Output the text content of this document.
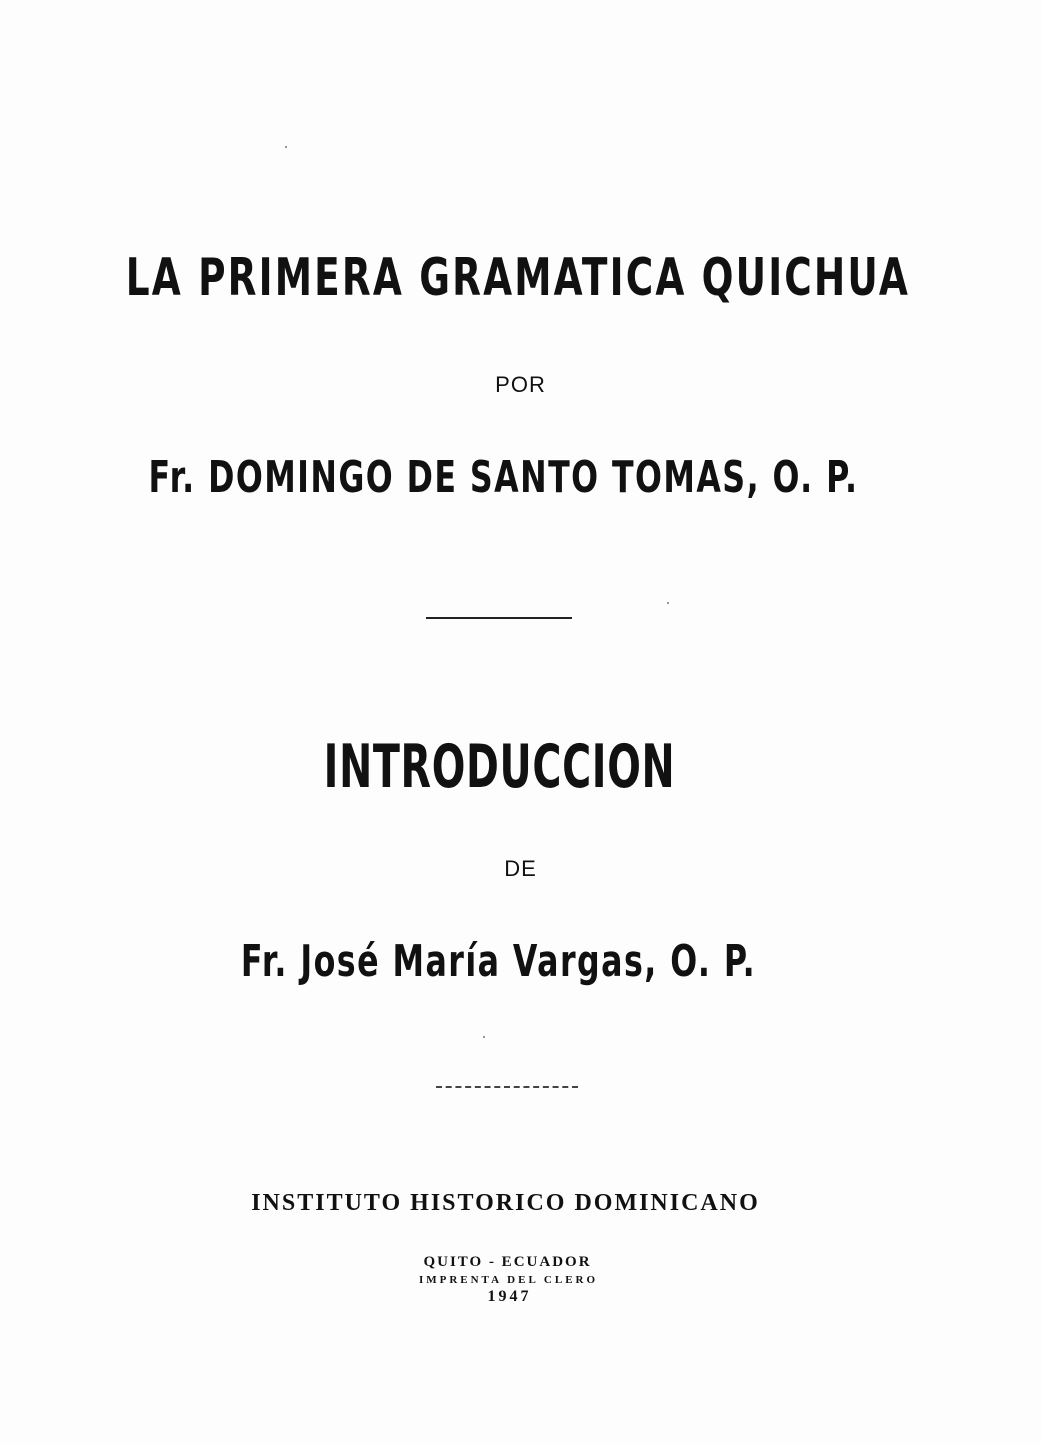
LA PRIMERA GRAMATICA QUICHUA
POR
Fr. DOMINGO DE SANTO TOMAS, O. P.
INTRODUCCION
DE
Fr. José María Vargas, O. P.
INSTITUTO HISTORICO DOMINICANO
QUITO - ECUADOR
IMPRENTA DEL CLERO
1947
